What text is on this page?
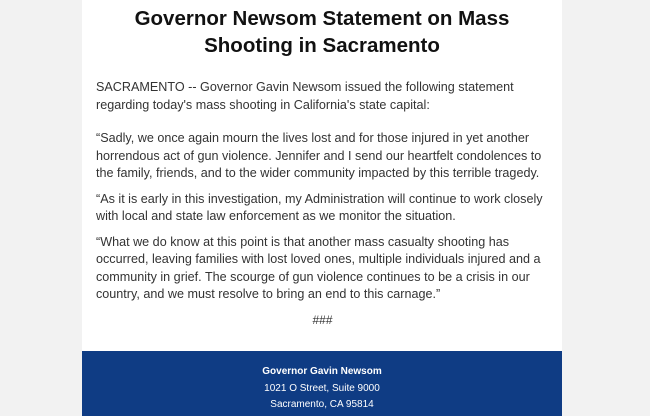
Governor Newsom Statement on Mass Shooting in Sacramento

SACRAMENTO -- Governor Gavin Newsom issued the following statement regarding today's mass shooting in California's state capital:

“Sadly, we once again mourn the lives lost and for those injured in yet another horrendous act of gun violence. Jennifer and I send our heartfelt condolences to the family, friends, and to the wider community impacted by this terrible tragedy.

“As it is early in this investigation, my Administration will continue to work closely with local and state law enforcement as we monitor the situation.

“What we do know at this point is that another mass casualty shooting has occurred, leaving families with lost loved ones, multiple individuals injured and a community in grief. The scourge of gun violence continues to be a crisis in our country, and we must resolve to bring an end to this carnage.”

###
Governor Gavin Newsom
1021 O Street, Suite 9000
Sacramento, CA 95814
